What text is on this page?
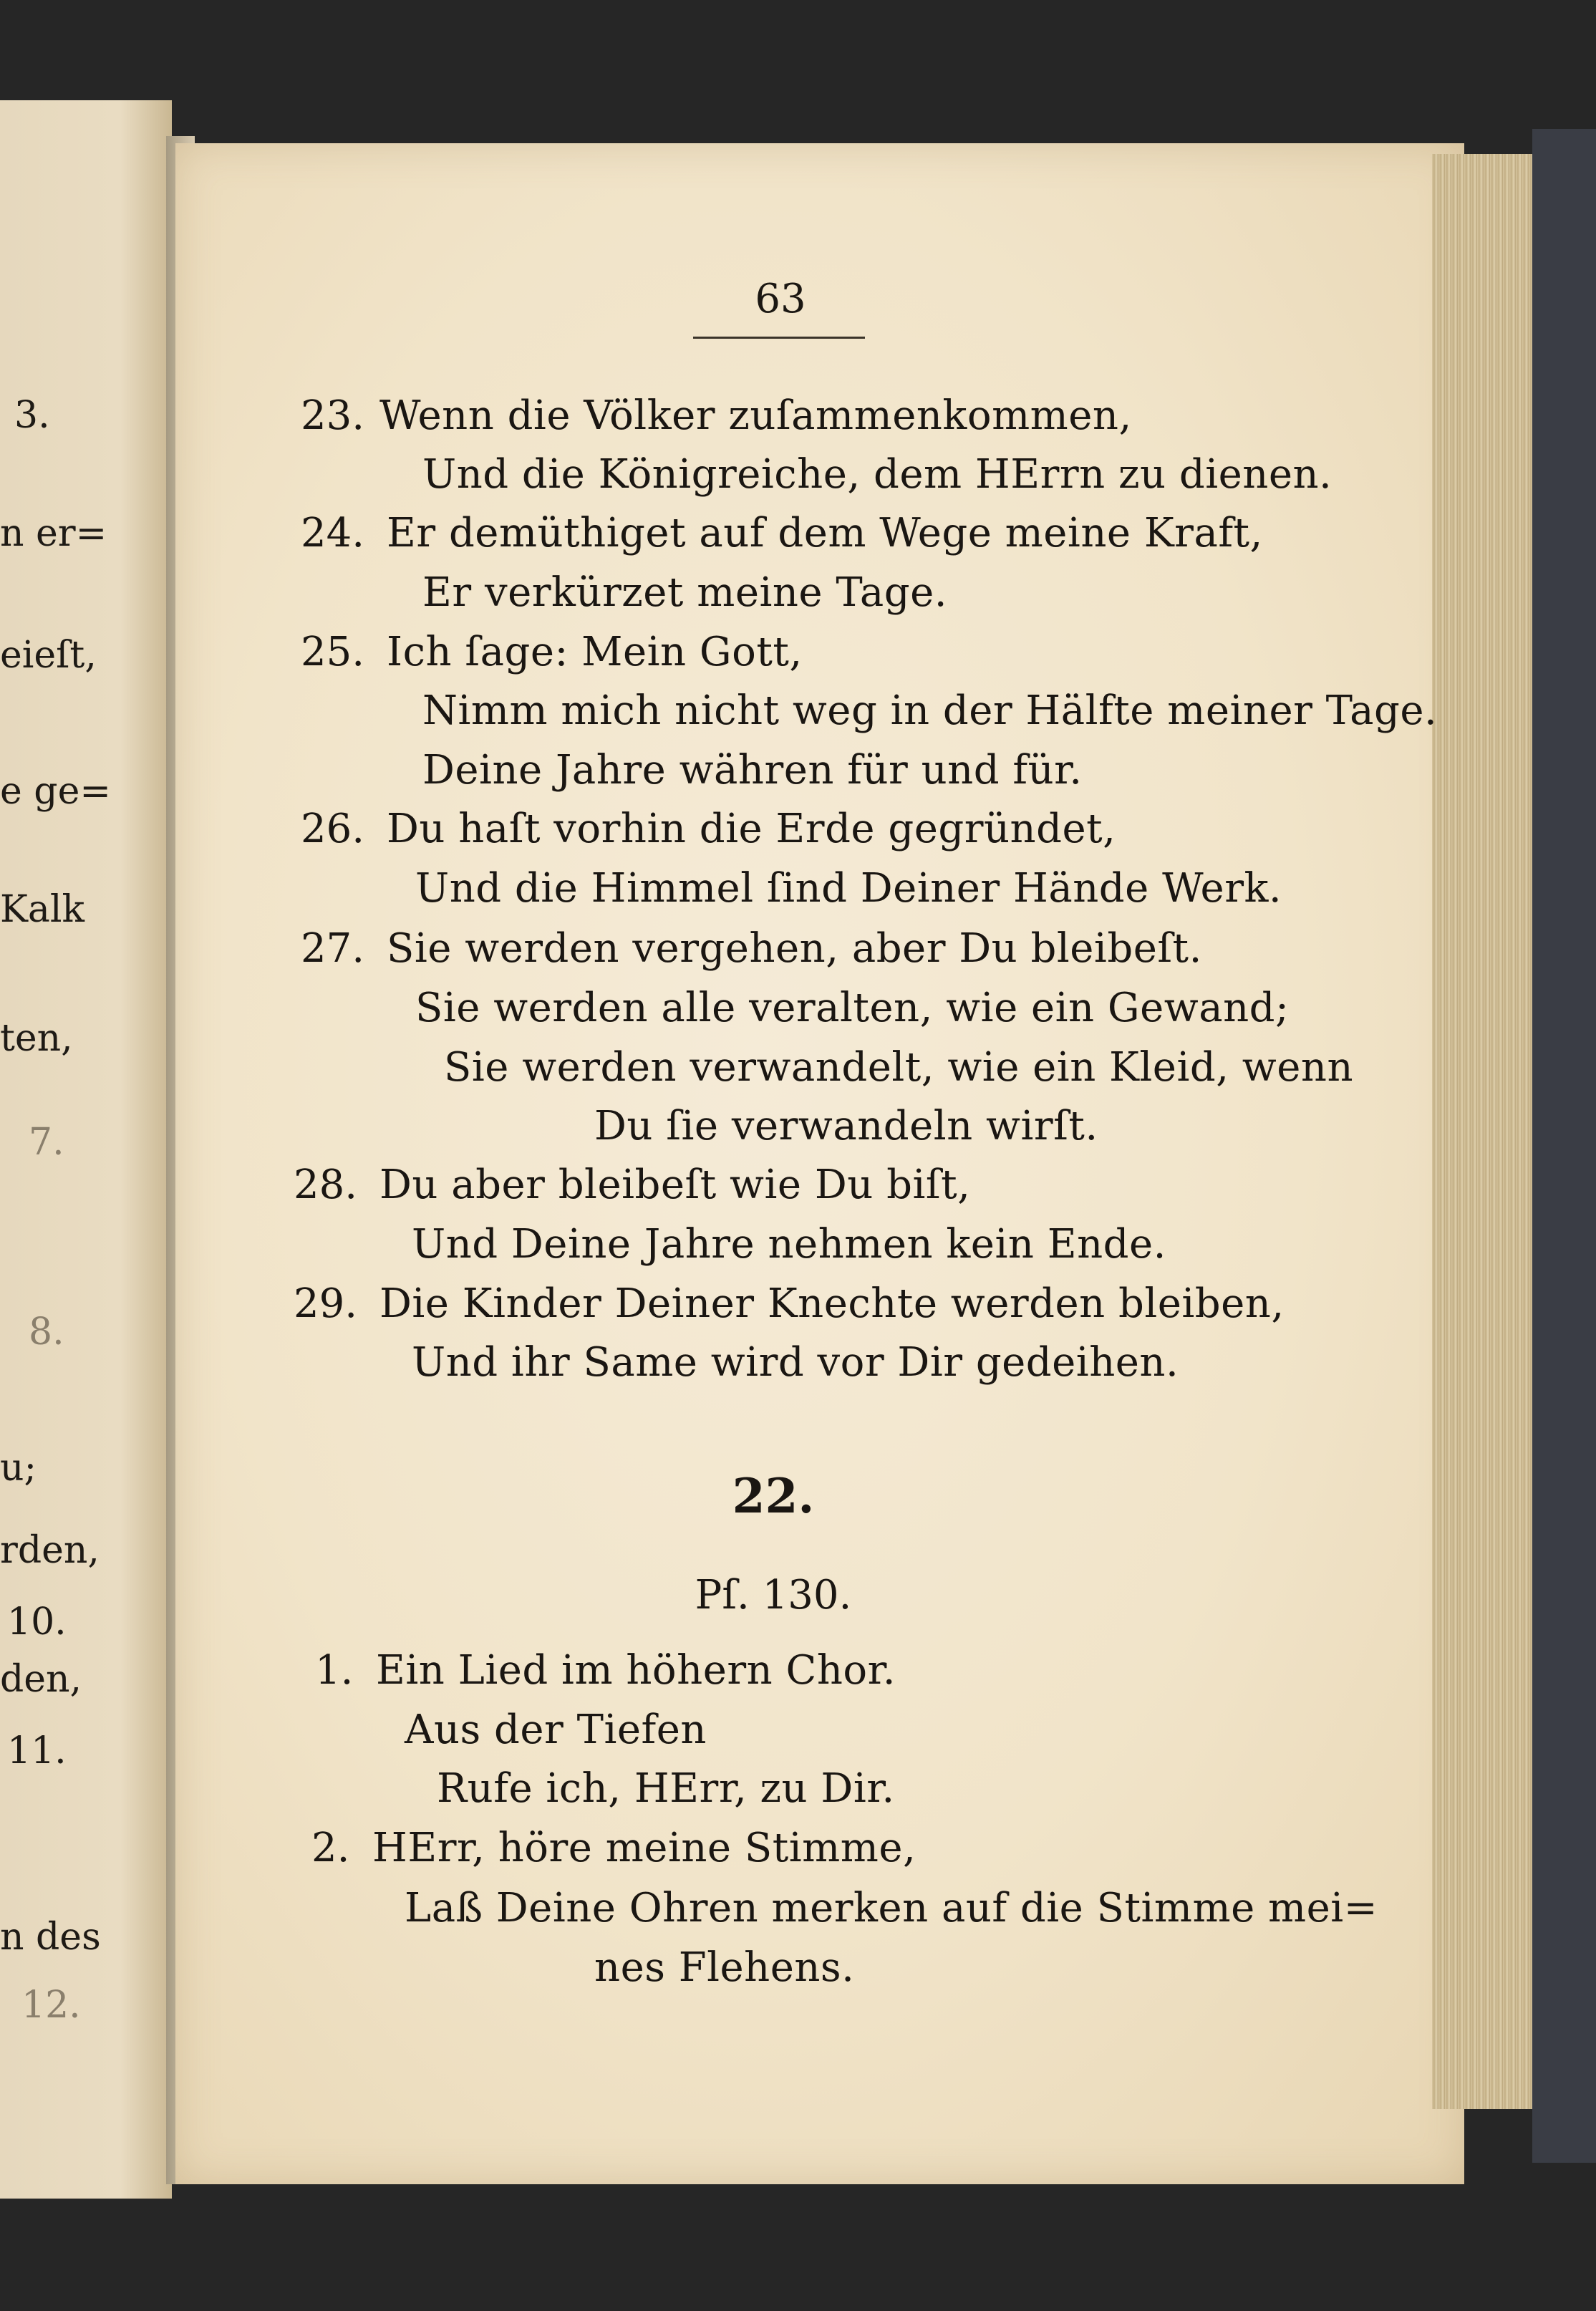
3.
n er=
eieſt,
e ge=
Kalk
ten,
7.
8.
u;
rden,
10.
den,
11.
n des
12.
63
23. Wenn die Völker zuſammenkommen,
Und die Königreiche, dem HErrn zu dienen.
24. Er demüthiget auf dem Wege meine Kraft,
Er verkürzet meine Tage.
25. Ich ſage: Mein Gott,
Nimm mich nicht weg in der Hälfte meiner Tage.
Deine Jahre währen für und für.
26. Du haſt vorhin die Erde gegründet,
Und die Himmel ſind Deiner Hände Werk.
27. Sie werden vergehen, aber Du bleibeſt.
Sie werden alle veralten, wie ein Gewand;
Sie werden verwandelt, wie ein Kleid, wenn
Du ſie verwandeln wirſt.
28. Du aber bleibeſt wie Du biſt,
Und Deine Jahre nehmen kein Ende.
29. Die Kinder Deiner Knechte werden bleiben,
Und ihr Same wird vor Dir gedeihen.
22.
Pſ. 130.
1. Ein Lied im höhern Chor.
Aus der Tiefen
Rufe ich, HErr, zu Dir.
2. HErr, höre meine Stimme,
Laß Deine Ohren merken auf die Stimme mei=
nes Flehens.
